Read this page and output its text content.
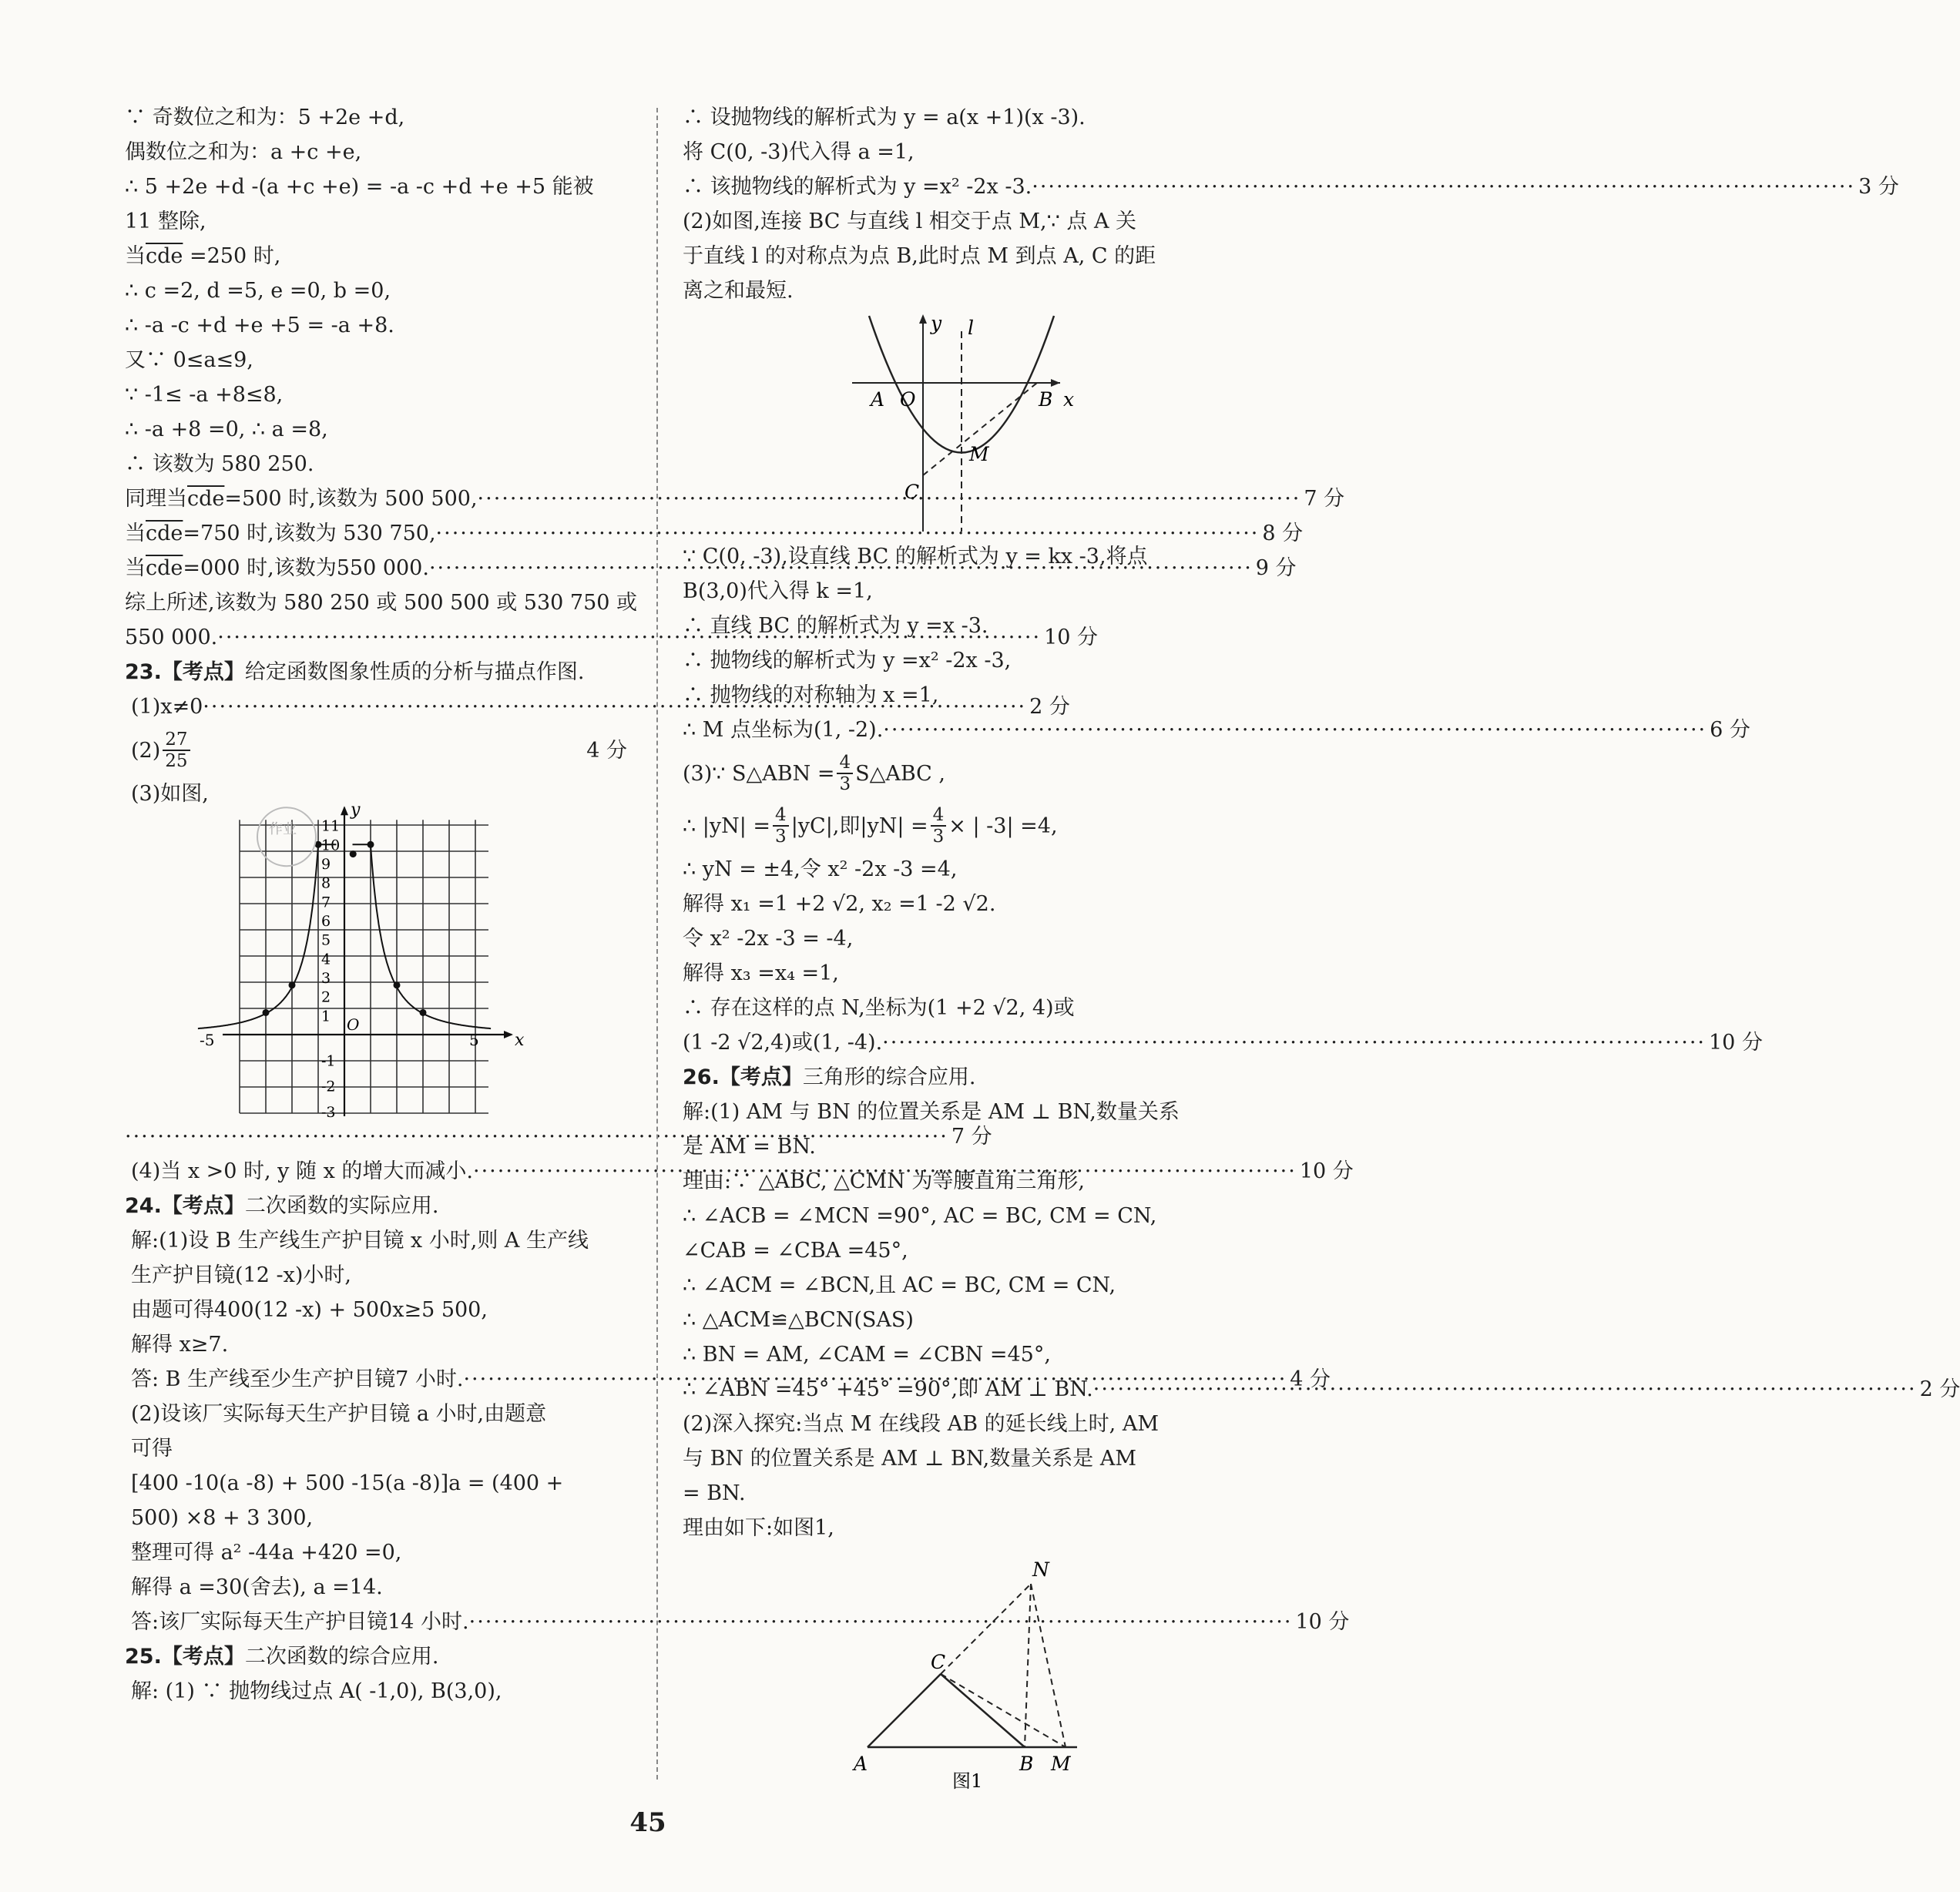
∵ 奇数位之和为：5 +2e +d,
偶数位之和为：a +c +e,
∴ 5 +2e +d -(a +c +e) = -a -c +d +e +5 能被
11 整除,
当$\overline{cde} =250$ 时,
∴ c =2, d =5, e =0, b =0,
∴ -a -c +d +e +5 = -a +8.
又∵ 0≤a≤9,
∵ -1≤ -a +8≤8,
∴ -a +8 =0, ∴ a =8,
∴ 该数为 580 250.
同理当 $\overline{cde} =500$ 时,该数为 500 500, ·····	7 分
当 $\overline{cde} =750$ 时,该数为 530 750, ·····	8 分
当 $\overline{cde} =000$ 时,该数为550 000. ·····	9 分
综上所述,该数为 580 250 或 500 500 或 530 750 或
550 000. ·····	10 分
23.【考点】给定函数图象性质的分析与描点作图.
(1)x≠0 ·····	2 分
$(2) \frac{27}{25}$	4 分
(3)如图,
y
x
O
11
10
9
8
7
6
5
4
3
2
1
-1
-2
-3
-5	5
作业
·····
7 分
(4)当 x >0 时, y 随 x 的增大而减小. ·····	10 分
24.【考点】二次函数的实际应用.
解:(1)设 B 生产线生产护目镜 x 小时,则 A 生产线
生产护目镜(12 -x)小时,
由题可得400(12 -x) + 500x≥5 500,
解得 x≥7.
答: B 生产线至少生产护目镜7 小时. ·····	4 分
(2)设该厂实际每天生产护目镜 a 小时,由题意
可得
[400 -10(a -8) + 500 -15(a -8)]a = (400 +
500) ×8 + 3 300,
整理可得 a² -44a +420 =0,
解得 a =30(舍去), a =14.
答:该厂实际每天生产护目镜14 小时. ·····	10 分
25.【考点】二次函数的综合应用.
解: (1) ∵ 抛物线过点 A( -1,0), B(3,0),
∴ 设抛物线的解析式为 y = a(x +1)(x -3).
将 C(0, -3)代入得 a =1,
∴ 该抛物线的解析式为 y =x² -2x -3. ·····	3 分
(2)如图,连接 BC 与直线 l 相交于点 M,∵ 点 A 关
于直线 l 的对称点为点 B,此时点 M 到点 A, C 的距
离之和最短.
y l
A O	B x
M
C
∵ C(0, -3),设直线 BC 的解析式为 y = kx -3,将点
B(3,0)代入得 k =1,
∴ 直线 BC 的解析式为 y =x -3.
∴ 抛物线的解析式为 y =x² -2x -3,
∴ 抛物线的对称轴为 x =1,
∴ M 点坐标为(1, -2). ·····	6 分
(3)∵ S△ABN = $\frac{4}{3}$ S△ABC ,
∴ $|yN| = \frac{4}{3} |yC|$,即$|yN| = \frac{4}{3}$ × | -3| =4,
∴ yN = ±4,令 x² -2x -3 =4,
解得 x₁ =1 +2 √2, x₂ =1 -2 √2.
令 x² -2x -3 = -4,
解得 x₃ =x₄ =1,
∴ 存在这样的点 N,坐标为(1 +2 √2, 4)或
(1 -2 √2,4)或(1, -4). ·····	10 分
26.【考点】三角形的综合应用.
解:(1) AM 与 BN 的位置关系是 AM ⊥ BN,数量关系
是 AM = BN.
理由:∵ △ABC, △CMN 为等腰直角三角形,
∴ ∠ACB = ∠MCN =90°, AC = BC, CM = CN,
∠CAB = ∠CBA =45°,
∴ ∠ACM = ∠BCN,且 AC = BC, CM = CN,
∴ △ACM≌△BCN(SAS)
∴ BN = AM, ∠CAM = ∠CBN =45°,
∴ ∠ABN =45° +45° =90°,即 AM ⊥ BN. ·····	2 分
(2)深入探究:当点 M 在线段 AB 的延长线上时, AM
与 BN 的位置关系是 AM ⊥ BN,数量关系是 AM
= BN.
理由如下:如图1,
N
C
A	B M
图1
45
